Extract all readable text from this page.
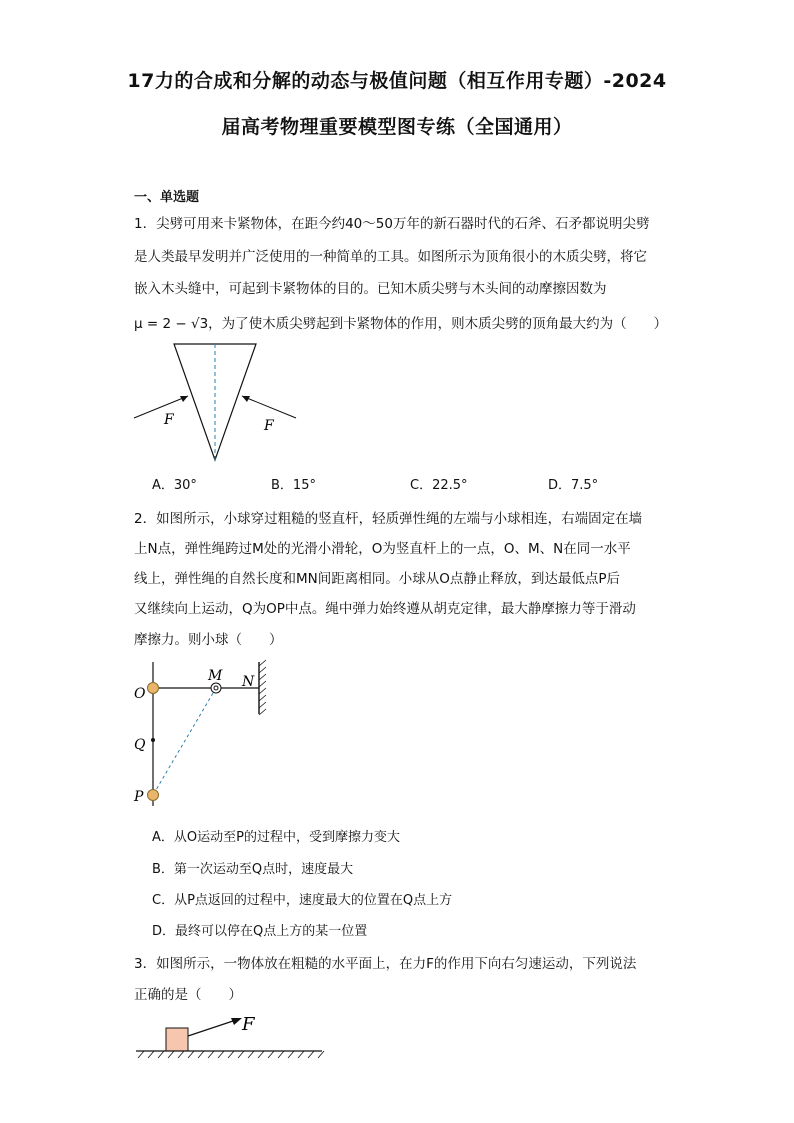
17力的合成和分解的动态与极值问题（相互作用专题）-2024
届高考物理重要模型图专练（全国通用）
一、单选题
1．尖劈可用来卡紧物体，在距今约40～50万年的新石器时代的石斧、石矛都说明尖劈
是人类最早发明并广泛使用的一种简单的工具。如图所示为顶角很小的木质尖劈，将它
嵌入木头缝中，可起到卡紧物体的目的。已知木质尖劈与木头间的动摩擦因数为
μ = 2 − √3，为了使木质尖劈起到卡紧物体的作用，则木质尖劈的顶角最大约为（　　）
F	F
A．30°	B．15°	C．22.5°	D．7.5°
2．如图所示，小球穿过粗糙的竖直杆，轻质弹性绳的左端与小球相连，右端固定在墙
上N点，弹性绳跨过M处的光滑小滑轮，O为竖直杆上的一点，O、M、N在同一水平
线上，弹性绳的自然长度和MN间距离相同。小球从O点静止释放，到达最低点P后
又继续向上运动，Q为OP中点。绳中弹力始终遵从胡克定律，最大静摩擦力等于滑动
摩擦力。则小球（　　）
O
M N
Q
P
A．从O运动至P的过程中，受到摩擦力变大
B．第一次运动至Q点时，速度最大
C．从P点返回的过程中，速度最大的位置在Q点上方
D．最终可以停在Q点上方的某一位置
3．如图所示，一物体放在粗糙的水平面上，在力F的作用下向右匀速运动，下列说法
正确的是（　　）
F
